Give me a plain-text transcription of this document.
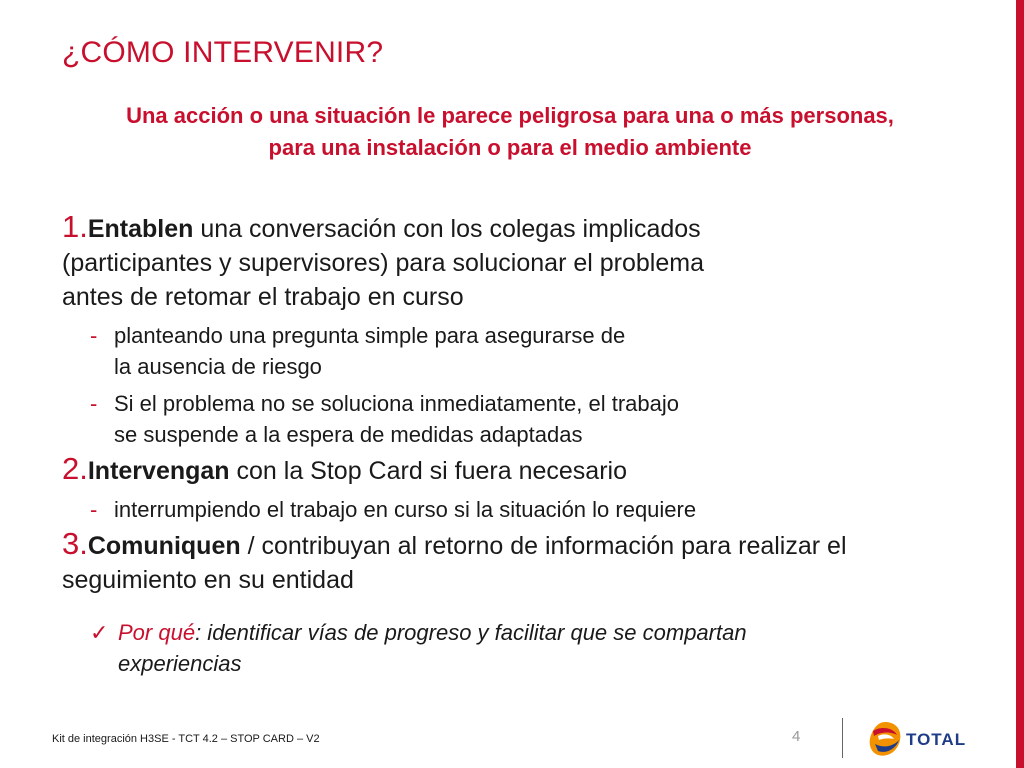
¿CÓMO INTERVENIR?
Una acción o una situación le parece peligrosa para una o más personas,
para una instalación o para el medio ambiente
1.Entablen una conversación con los colegas implicados
(participantes y supervisores) para solucionar el problema
antes de retomar el trabajo en curso
- planteando una pregunta simple para asegurarse de
la ausencia de riesgo
- Si el problema no se soluciona inmediatamente, el trabajo
se suspende a la espera de medidas adaptadas
2.Intervengan con la Stop Card si fuera necesario
- interrumpiendo el trabajo en curso si la situación lo requiere
3.Comuniquen / contribuyan al retorno de información para realizar el
seguimiento en su entidad
✓ Por qué: identificar vías de progreso y facilitar que se compartan
experiencias
Kit de integración H3SE - TCT 4.2 – STOP CARD – V2	4	TOTAL
